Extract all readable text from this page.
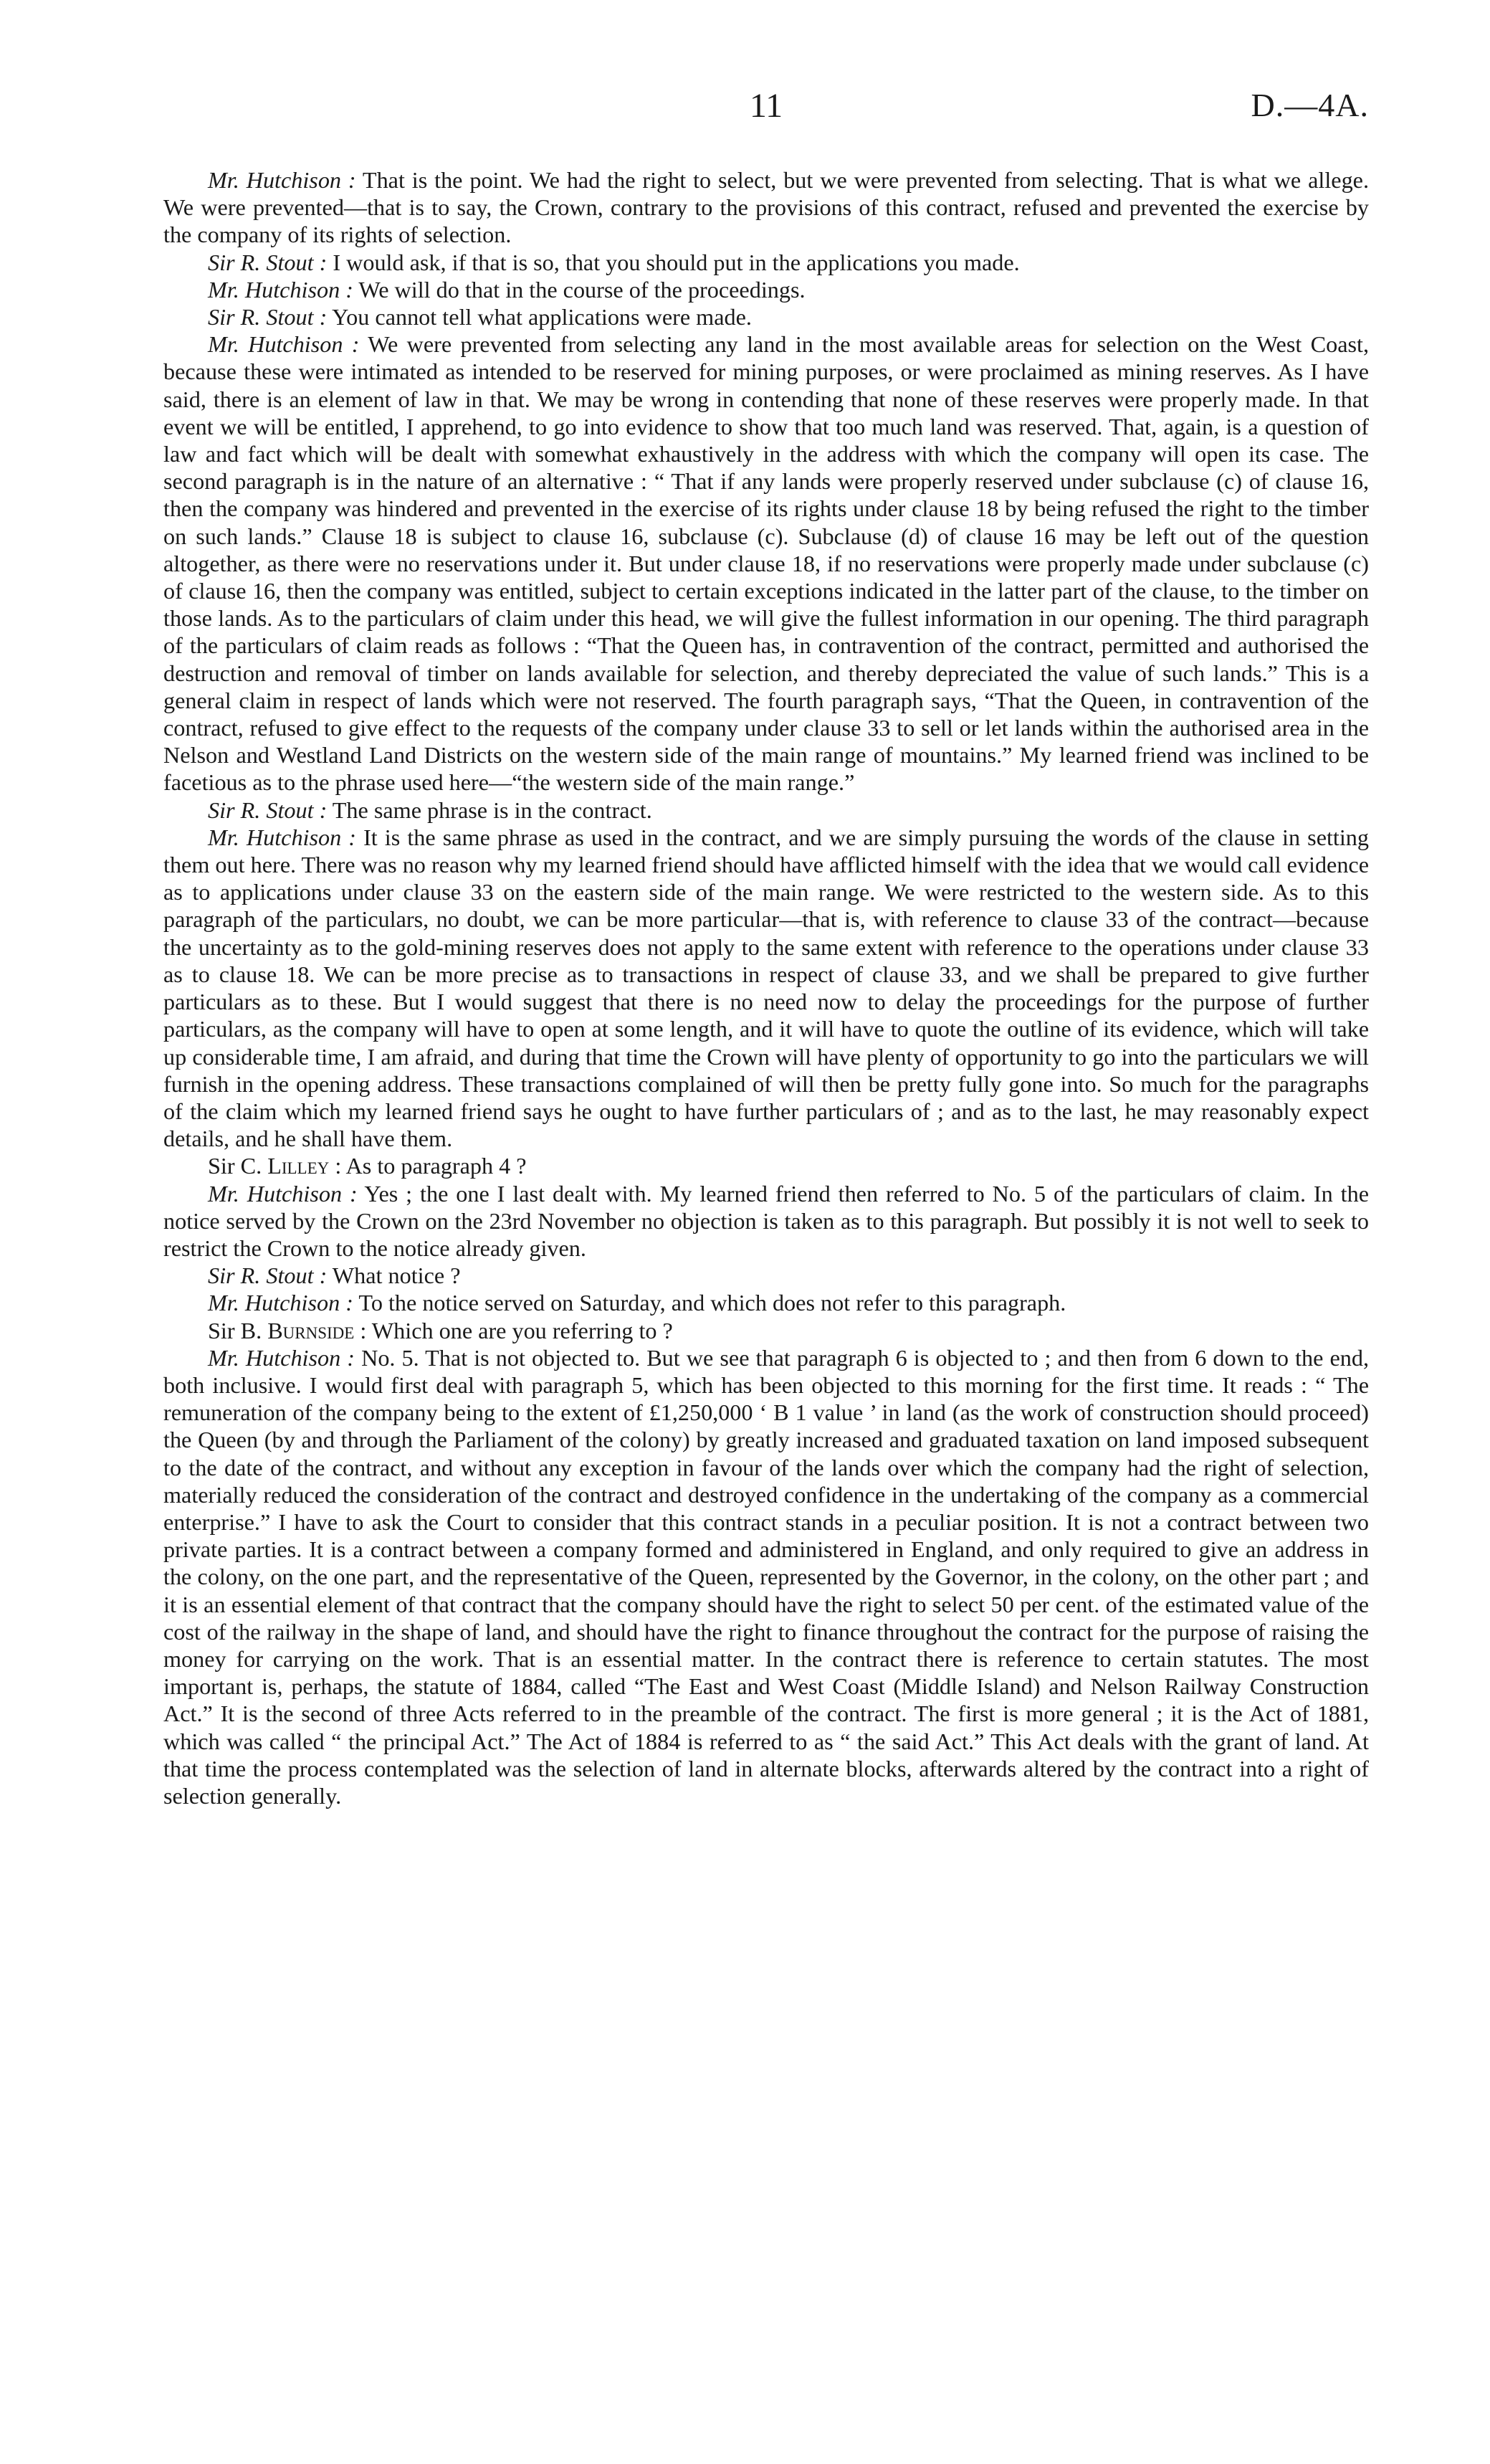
11	D.—4A.

Mr. Hutchison : That is the point. We had the right to select, but we were prevented from selecting. That is what we allege. We were prevented—that is to say, the Crown, contrary to the provisions of this contract, refused and prevented the exercise by the company of its rights of selection.

Sir R. Stout : I would ask, if that is so, that you should put in the applications you made.

Mr. Hutchison : We will do that in the course of the proceedings.

Sir R. Stout : You cannot tell what applications were made.

Mr. Hutchison : We were prevented from selecting any land in the most available areas for selection on the West Coast, because these were intimated as intended to be reserved for mining purposes, or were proclaimed as mining reserves. As I have said, there is an element of law in that. We may be wrong in contending that none of these reserves were properly made. In that event we will be entitled, I apprehend, to go into evidence to show that too much land was reserved. That, again, is a question of law and fact which will be dealt with somewhat exhaustively in the address with which the company will open its case. The second paragraph is in the nature of an alternative : “ That if any lands were properly reserved under subclause (c) of clause 16, then the company was hindered and prevented in the exercise of its rights under clause 18 by being refused the right to the timber on such lands.” Clause 18 is subject to clause 16, subclause (c). Subclause (d) of clause 16 may be left out of the question altogether, as there were no reservations under it. But under clause 18, if no reservations were properly made under subclause (c) of clause 16, then the company was entitled, subject to certain exceptions indicated in the latter part of the clause, to the timber on those lands. As to the particulars of claim under this head, we will give the fullest information in our opening. The third paragraph of the particulars of claim reads as follows : “That the Queen has, in contravention of the contract, permitted and authorised the destruction and removal of timber on lands available for selection, and thereby depreciated the value of such lands.” This is a general claim in respect of lands which were not reserved. The fourth paragraph says, “That the Queen, in contravention of the contract, refused to give effect to the requests of the company under clause 33 to sell or let lands within the authorised area in the Nelson and Westland Land Districts on the western side of the main range of mountains.” My learned friend was inclined to be facetious as to the phrase used here—“the western side of the main range.”

Sir R. Stout : The same phrase is in the contract.

Mr. Hutchison : It is the same phrase as used in the contract, and we are simply pursuing the words of the clause in setting them out here. There was no reason why my learned friend should have afflicted himself with the idea that we would call evidence as to applications under clause 33 on the eastern side of the main range. We were restricted to the western side. As to this paragraph of the particulars, no doubt, we can be more particular—that is, with reference to clause 33 of the contract—because the uncertainty as to the gold-mining reserves does not apply to the same extent with reference to the operations under clause 33 as to clause 18. We can be more precise as to transactions in respect of clause 33, and we shall be prepared to give further particulars as to these. But I would suggest that there is no need now to delay the proceedings for the purpose of further particulars, as the company will have to open at some length, and it will have to quote the outline of its evidence, which will take up considerable time, I am afraid, and during that time the Crown will have plenty of opportunity to go into the particulars we will furnish in the opening address. These transactions complained of will then be pretty fully gone into. So much for the paragraphs of the claim which my learned friend says he ought to have further particulars of ; and as to the last, he may reasonably expect details, and he shall have them.

Sir C. Lilley : As to paragraph 4 ?

Mr. Hutchison : Yes ; the one I last dealt with. My learned friend then referred to No. 5 of the particulars of claim. In the notice served by the Crown on the 23rd November no objection is taken as to this paragraph. But possibly it is not well to seek to restrict the Crown to the notice already given.

Sir R. Stout : What notice ?

Mr. Hutchison : To the notice served on Saturday, and which does not refer to this paragraph.

Sir B. Burnside : Which one are you referring to ?

Mr. Hutchison : No. 5. That is not objected to. But we see that paragraph 6 is objected to ; and then from 6 down to the end, both inclusive. I would first deal with paragraph 5, which has been objected to this morning for the first time. It reads : “ The remuneration of the company being to the extent of £1,250,000 ‘ B 1 value ’ in land (as the work of construction should proceed) the Queen (by and through the Parliament of the colony) by greatly increased and graduated taxation on land imposed subsequent to the date of the contract, and without any exception in favour of the lands over which the company had the right of selection, materially reduced the consideration of the contract and destroyed confidence in the undertaking of the company as a commercial enterprise.” I have to ask the Court to consider that this contract stands in a peculiar position. It is not a contract between two private parties. It is a contract between a company formed and administered in England, and only required to give an address in the colony, on the one part, and the representative of the Queen, represented by the Governor, in the colony, on the other part ; and it is an essential element of that contract that the company should have the right to select 50 per cent. of the estimated value of the cost of the railway in the shape of land, and should have the right to finance throughout the contract for the purpose of raising the money for carrying on the work. That is an essential matter. In the contract there is reference to certain statutes. The most important is, perhaps, the statute of 1884, called “The East and West Coast (Middle Island) and Nelson Railway Construction Act.” It is the second of three Acts referred to in the preamble of the contract. The first is more general ; it is the Act of 1881, which was called “ the principal Act.” The Act of 1884 is referred to as “ the said Act.” This Act deals with the grant of land. At that time the process contemplated was the selection of land in alternate blocks, afterwards altered by the contract into a right of selection generally.
